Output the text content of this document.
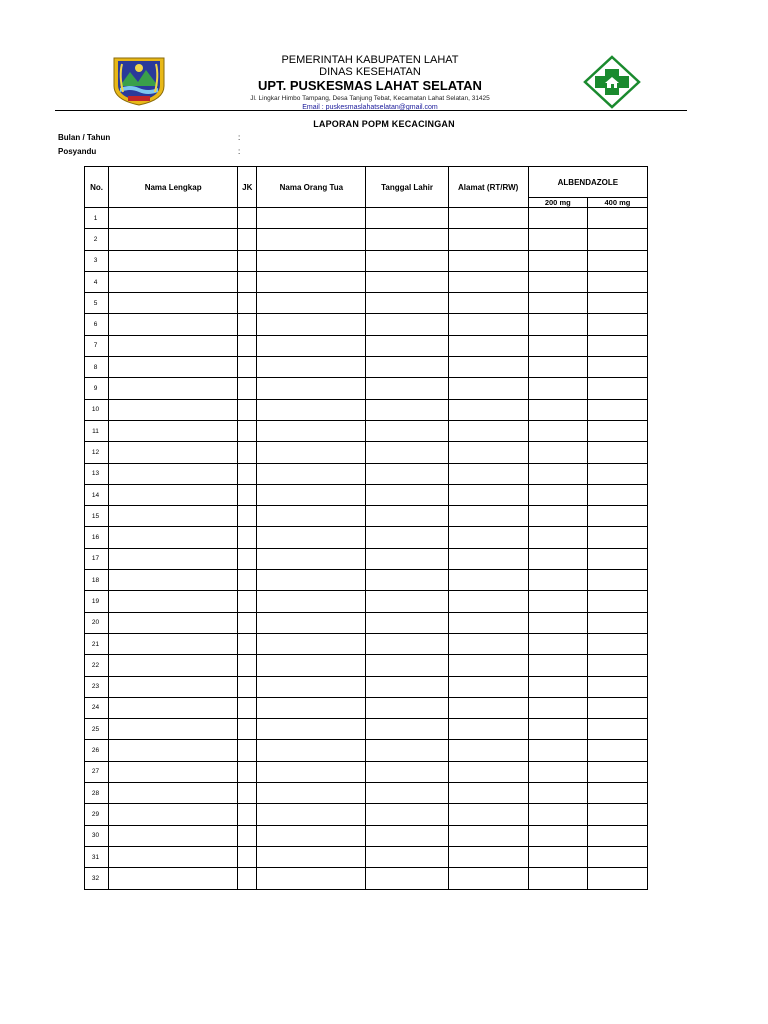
PEMERINTAH KABUPATEN LAHAT
DINAS KESEHATAN
UPT. PUSKESMAS LAHAT SELATAN
Jl. Lingkar Himbo Tampang, Desa Tanjung Tebat, Kecamatan Lahat Selatan, 31425
Email : puskesmaslahatselatan@gmail.com
LAPORAN POPM KECACINGAN
Bulan / Tahun	:
Posyandu	:
No.	Nama Lengkap	JK	Nama Orang Tua	Tanggal Lahir	Alamat (RT/RW)	ALBENDAZOLE	
						200 mg	400 mg
1							
2							
3							
4							
5							
6							
7							
8							
9							
10							
11							
12							
13							
14							
15							
16							
17							
18							
19							
20							
21							
22							
23							
24							
25							
26							
27							
28							
29							
30							
31							
32							
